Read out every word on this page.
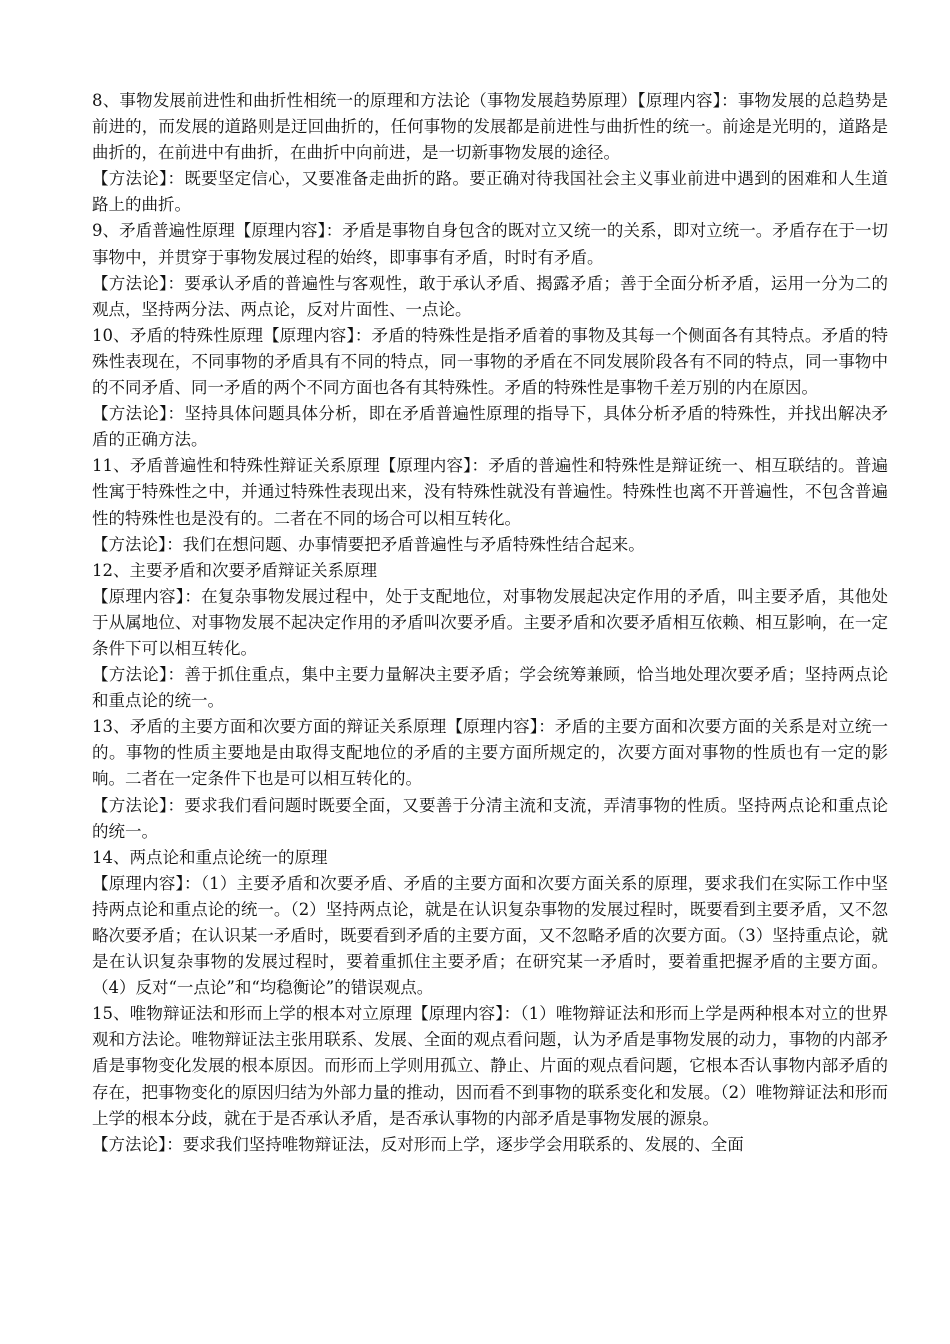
8、事物发展前进性和曲折性相统一的原理和方法论（事物发展趋势原理）【原理内容】：事物发展的总趋势是前进的，而发展的道路则是迂回曲折的，任何事物的发展都是前进性与曲折性的统一。前途是光明的，道路是曲折的，在前进中有曲折，在曲折中向前进，是一切新事物发展的途径。

【方法论】：既要坚定信心，又要准备走曲折的路。要正确对待我国社会主义事业前进中遇到的困难和人生道路上的曲折。

9、矛盾普遍性原理【原理内容】：矛盾是事物自身包含的既对立又统一的关系，即对立统一。矛盾存在于一切事物中，并贯穿于事物发展过程的始终，即事事有矛盾，时时有矛盾。

【方法论】：要承认矛盾的普遍性与客观性，敢于承认矛盾、揭露矛盾；善于全面分析矛盾，运用一分为二的观点，坚持两分法、两点论，反对片面性、一点论。

10、矛盾的特殊性原理【原理内容】：矛盾的特殊性是指矛盾着的事物及其每一个侧面各有其特点。矛盾的特殊性表现在，不同事物的矛盾具有不同的特点，同一事物的矛盾在不同发展阶段各有不同的特点，同一事物中的不同矛盾、同一矛盾的两个不同方面也各有其特殊性。矛盾的特殊性是事物千差万别的内在原因。

【方法论】：坚持具体问题具体分析，即在矛盾普遍性原理的指导下，具体分析矛盾的特殊性，并找出解决矛盾的正确方法。

11、矛盾普遍性和特殊性辩证关系原理【原理内容】：矛盾的普遍性和特殊性是辩证统一、相互联结的。普遍性寓于特殊性之中，并通过特殊性表现出来，没有特殊性就没有普遍性。特殊性也离不开普遍性，不包含普遍性的特殊性也是没有的。二者在不同的场合可以相互转化。

【方法论】：我们在想问题、办事情要把矛盾普遍性与矛盾特殊性结合起来。

12、主要矛盾和次要矛盾辩证关系原理

【原理内容】：在复杂事物发展过程中，处于支配地位，对事物发展起决定作用的矛盾，叫主要矛盾，其他处于从属地位、对事物发展不起决定作用的矛盾叫次要矛盾。主要矛盾和次要矛盾相互依赖、相互影响，在一定条件下可以相互转化。

【方法论】：善于抓住重点，集中主要力量解决主要矛盾；学会统筹兼顾，恰当地处理次要矛盾；坚持两点论和重点论的统一。

13、矛盾的主要方面和次要方面的辩证关系原理【原理内容】：矛盾的主要方面和次要方面的关系是对立统一的。事物的性质主要地是由取得支配地位的矛盾的主要方面所规定的，次要方面对事物的性质也有一定的影响。二者在一定条件下也是可以相互转化的。

【方法论】：要求我们看问题时既要全面，又要善于分清主流和支流，弄清事物的性质。坚持两点论和重点论的统一。

14、两点论和重点论统一的原理

【原理内容】：（1）主要矛盾和次要矛盾、矛盾的主要方面和次要方面关系的原理，要求我们在实际工作中坚持两点论和重点论的统一。（2）坚持两点论，就是在认识复杂事物的发展过程时，既要看到主要矛盾，又不忽略次要矛盾；在认识某一矛盾时，既要看到矛盾的主要方面，又不忽略矛盾的次要方面。（3）坚持重点论，就是在认识复杂事物的发展过程时，要着重抓住主要矛盾；在研究某一矛盾时，要着重把握矛盾的主要方面。（4）反对“一点论”和“均稳衡论”的错误观点。

15、唯物辩证法和形而上学的根本对立原理【原理内容】：（1）唯物辩证法和形而上学是两种根本对立的世界观和方法论。唯物辩证法主张用联系、发展、全面的观点看问题，认为矛盾是事物发展的动力，事物的内部矛盾是事物变化发展的根本原因。而形而上学则用孤立、静止、片面的观点看问题，它根本否认事物内部矛盾的存在，把事物变化的原因归结为外部力量的推动，因而看不到事物的联系变化和发展。（2）唯物辩证法和形而上学的根本分歧，就在于是否承认矛盾，是否承认事物的内部矛盾是事物发展的源泉。

【方法论】：要求我们坚持唯物辩证法，反对形而上学，逐步学会用联系的、发展的、全面
